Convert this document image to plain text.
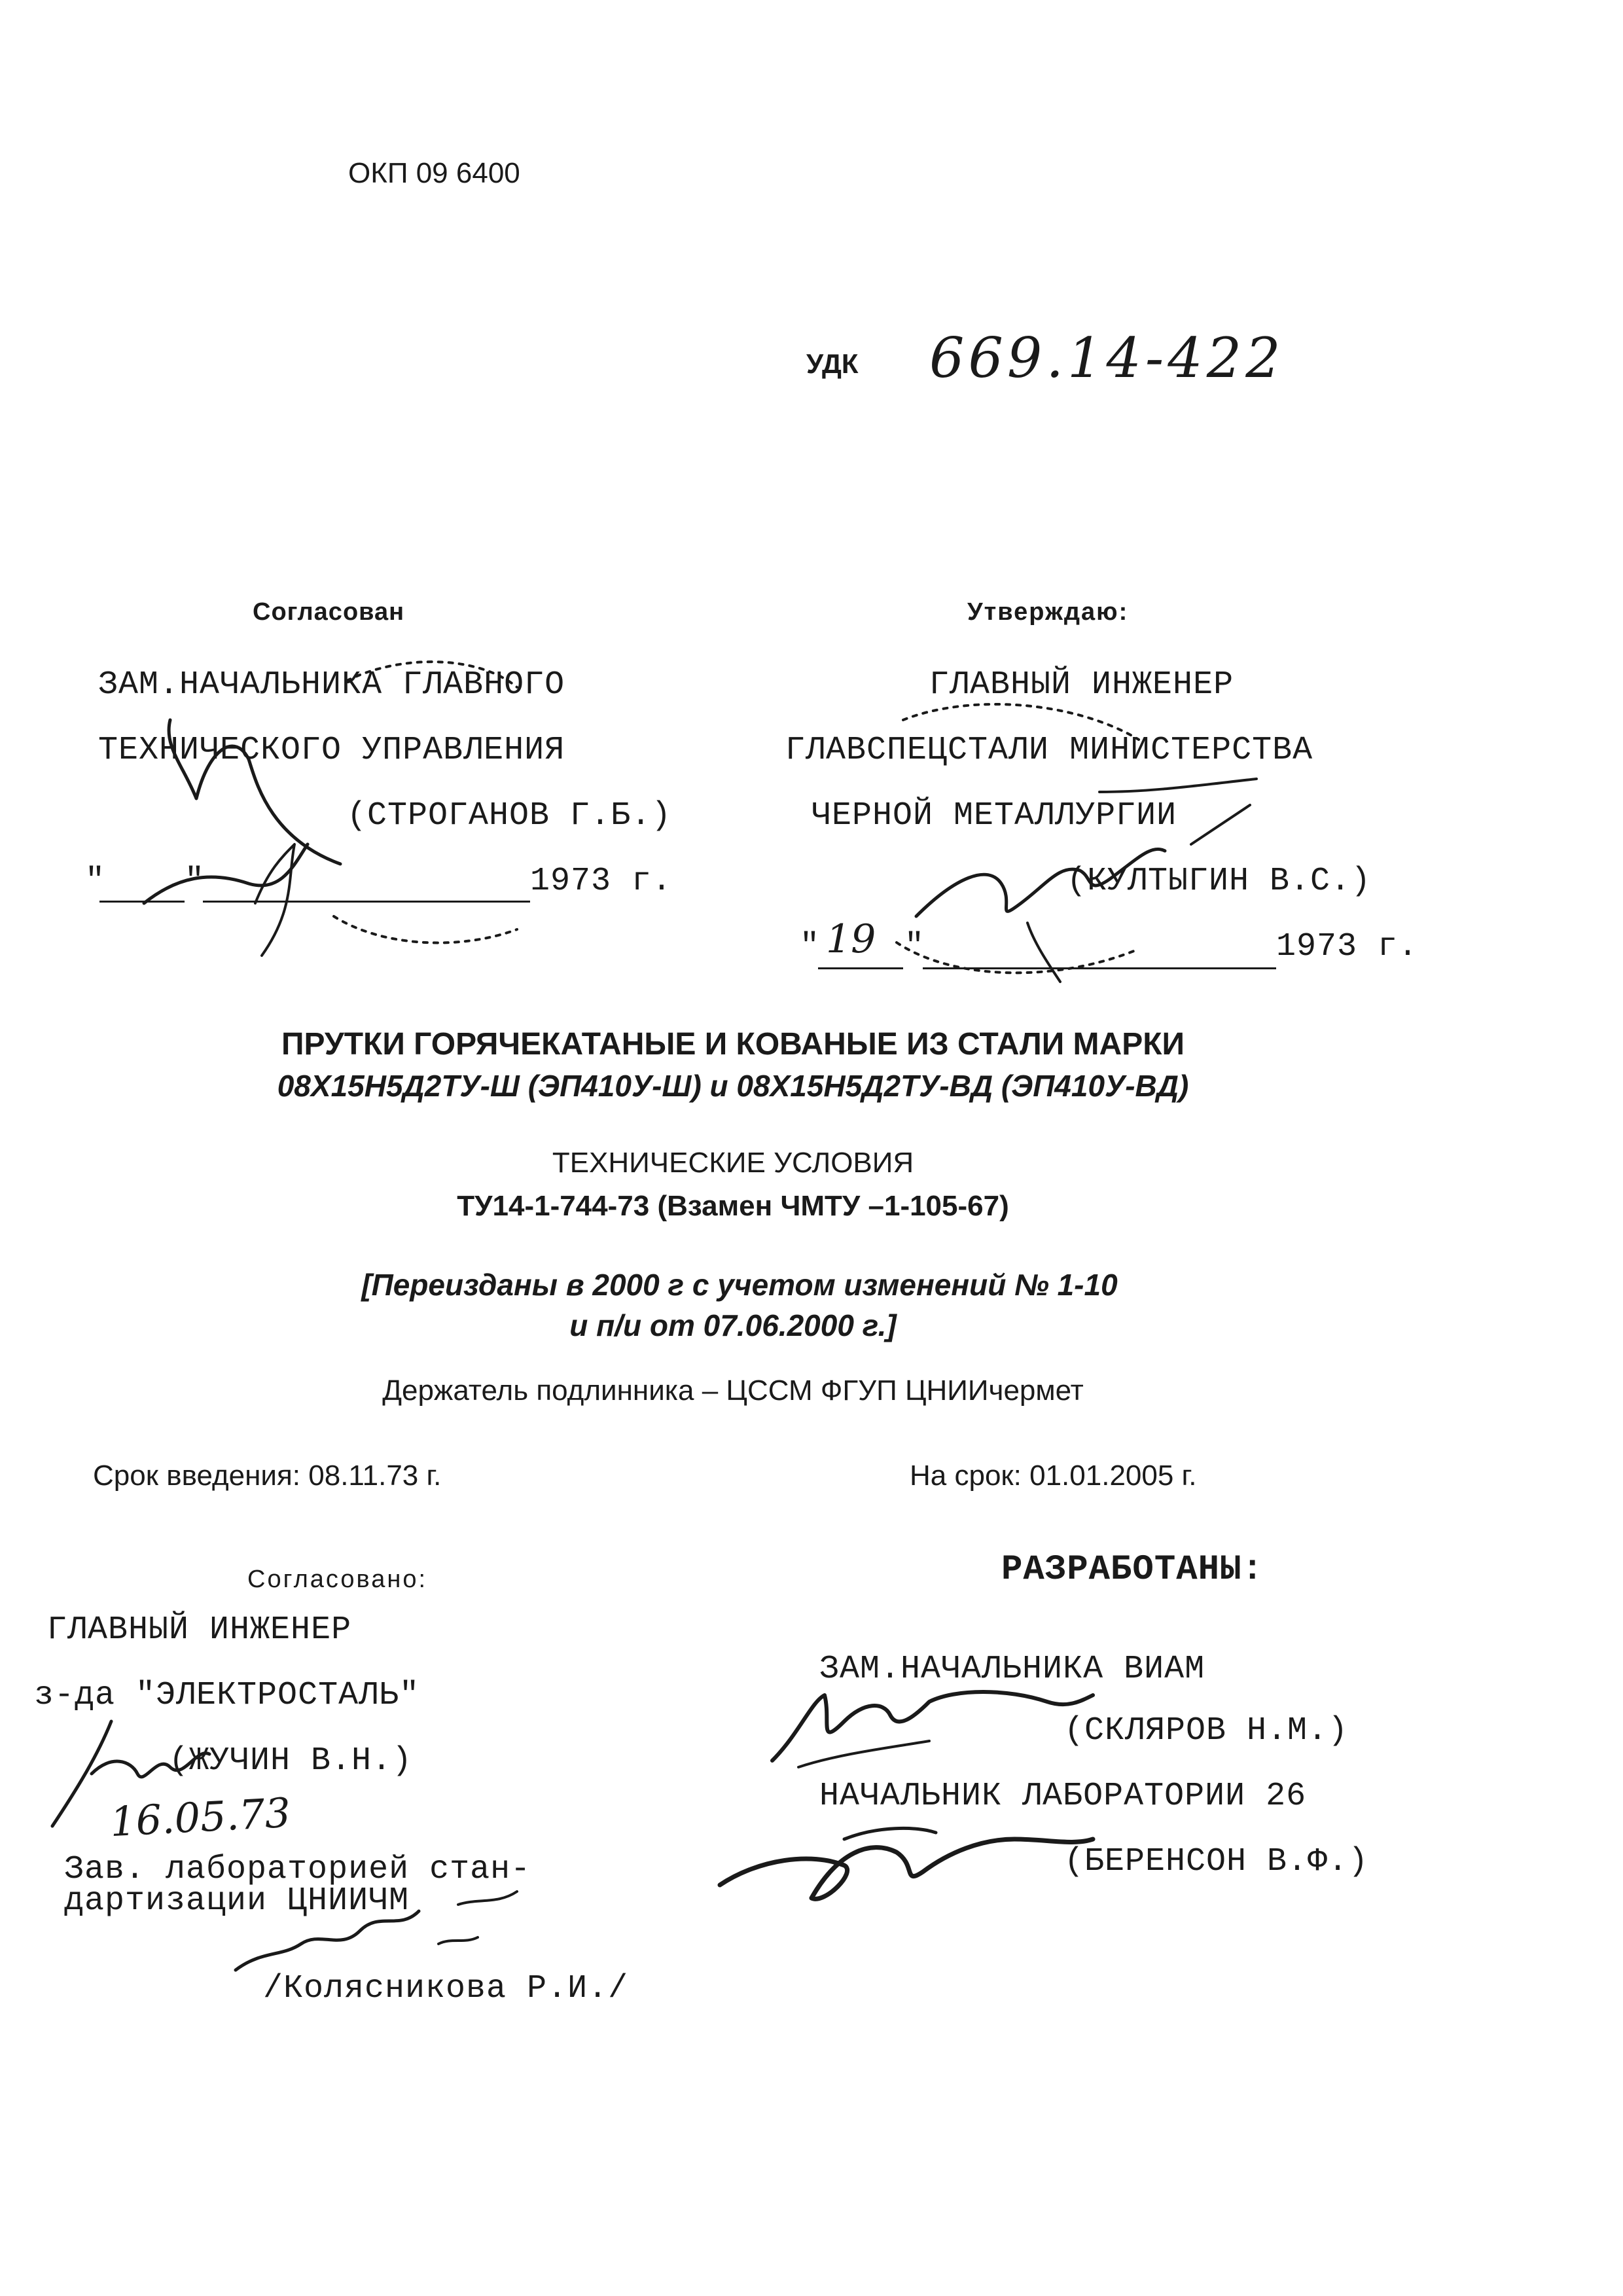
ОКП 09 6400
УДК 669.14-422
Согласован
ЗАМ.НАЧАЛЬНИКА ГЛАВНОГО
ТЕХНИЧЕСКОГО УПРАВЛЕНИЯ
(СТРОГАНОВ Г.Б.)
" "	1973 г.
Утверждаю:
ГЛАВНЫЙ ИНЖЕНЕР
ГЛАВСПЕЦСТАЛИ МИНИСТЕРСТВА
ЧЕРНОЙ МЕТАЛЛУРГИИ
(КУЛТЫГИН В.С.)
" 19 "	1973 г.
ПРУТКИ ГОРЯЧЕКАТАНЫЕ И КОВАНЫЕ ИЗ СТАЛИ МАРКИ
08Х15Н5Д2ТУ-Ш (ЭП410У-Ш) и 08Х15Н5Д2ТУ-ВД (ЭП410У-ВД)
ТЕХНИЧЕСКИЕ УСЛОВИЯ
ТУ14-1-744-73 (Взамен ЧМТУ –1-105-67)
[Переизданы в 2000 г с учетом изменений № 1-10
и п/и от 07.06.2000 г.]
Держатель подлинника – ЦССМ ФГУП ЦНИИчермет
Срок введения: 08.11.73 г.	На срок: 01.01.2005 г.
Согласовано:
ГЛАВНЫЙ ИНЖЕНЕР
з-да "ЭЛЕКТРОСТАЛЬ"
(ЖУЧИН В.Н.)
16.05.73
Зав. лабораторией стан-
дартизации ЦНИИЧМ
/Колясникова Р.И./
РАЗРАБОТАНЫ:
ЗАМ.НАЧАЛЬНИКА ВИАМ
(СКЛЯРОВ Н.М.)
НАЧАЛЬНИК ЛАБОРАТОРИИ 26
(БЕРЕНСОН В.Ф.)
